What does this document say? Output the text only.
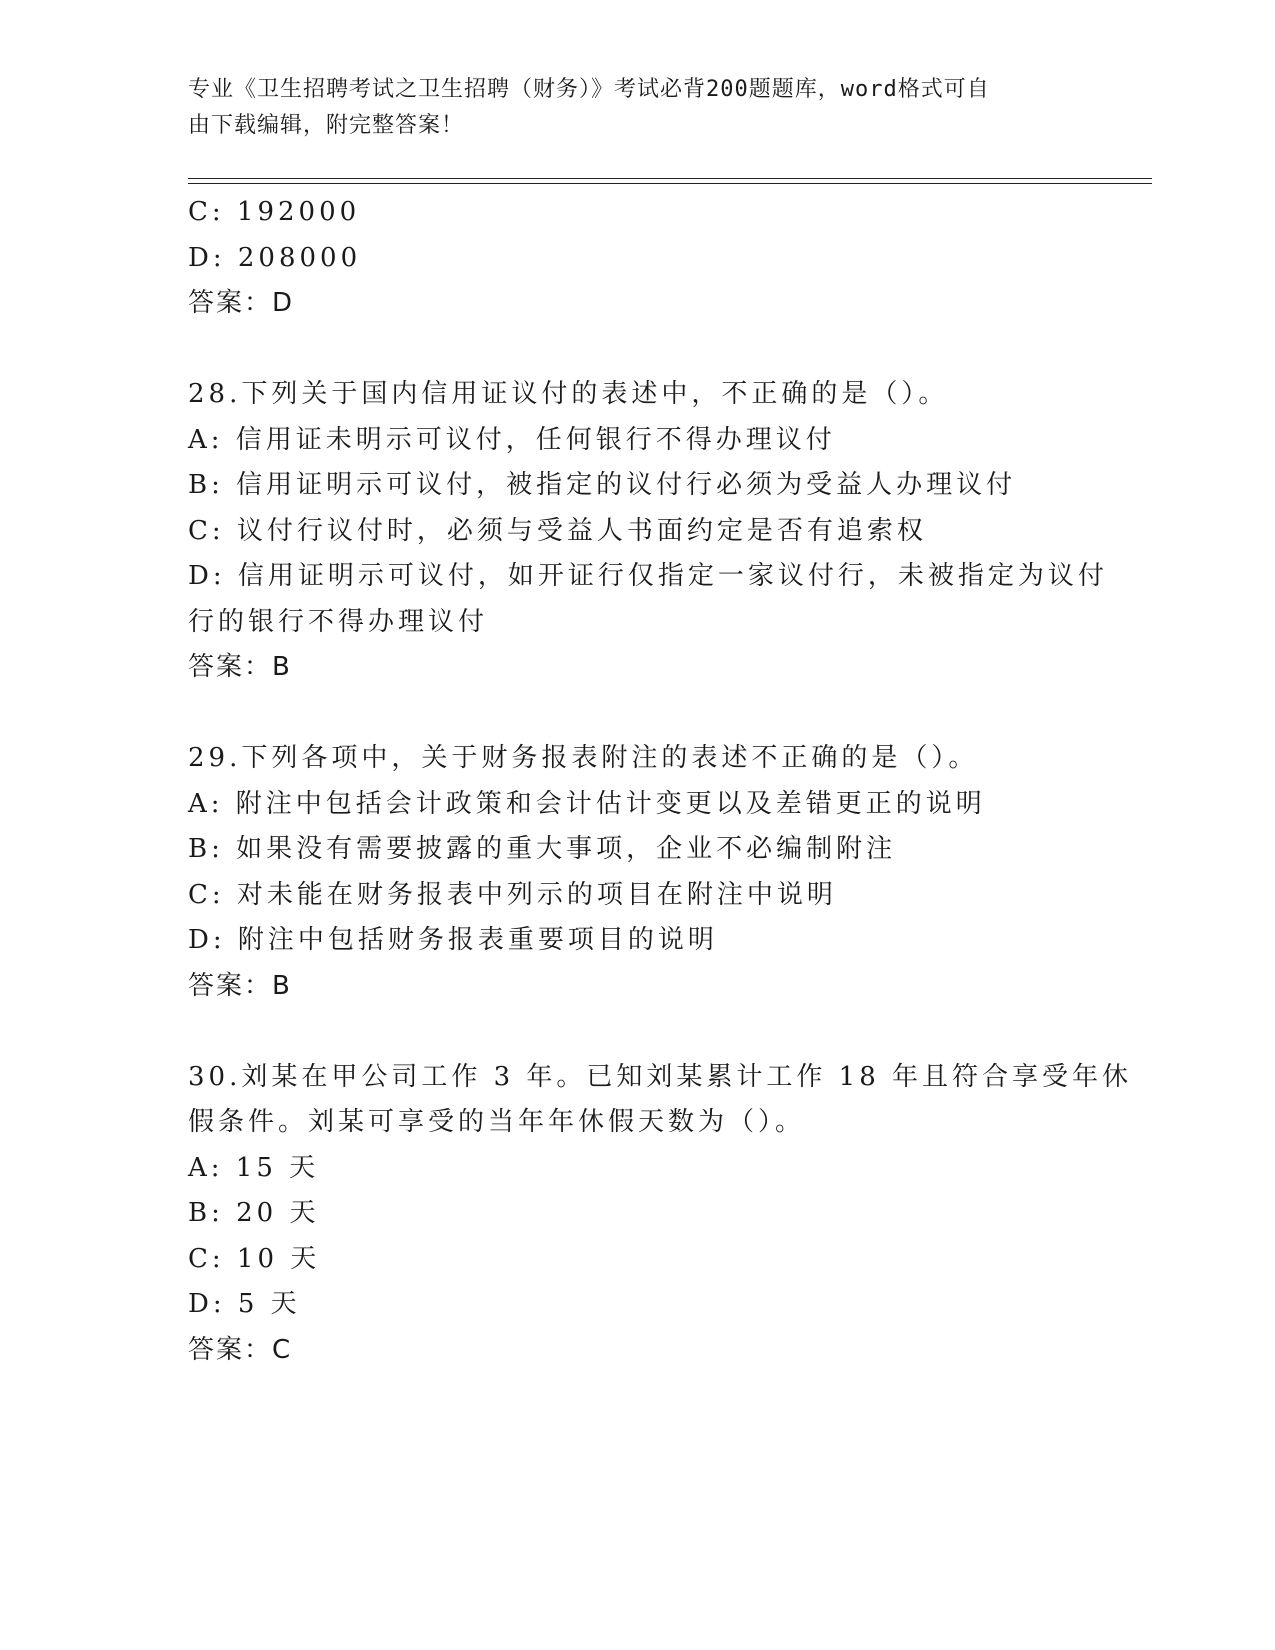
专业《卫生招聘考试之卫生招聘（财务）》考试必背200题题库，word格式可自
由下载编辑，附完整答案！
C: 192000
D: 208000
答案：D
28.下列关于国内信用证议付的表述中，不正确的是（）。
A: 信用证未明示可议付，任何银行不得办理议付
B: 信用证明示可议付，被指定的议付行必须为受益人办理议付
C: 议付行议付时，必须与受益人书面约定是否有追索权
D: 信用证明示可议付，如开证行仅指定一家议付行，未被指定为议付
行的银行不得办理议付
答案：B
29.下列各项中，关于财务报表附注的表述不正确的是（）。
A: 附注中包括会计政策和会计估计变更以及差错更正的说明
B: 如果没有需要披露的重大事项，企业不必编制附注
C: 对未能在财务报表中列示的项目在附注中说明
D: 附注中包括财务报表重要项目的说明
答案：B
30.刘某在甲公司工作 3 年。已知刘某累计工作 18 年且符合享受年休
假条件。刘某可享受的当年年休假天数为（）。
A: 15 天
B: 20 天
C: 10 天
D: 5 天
答案：C
